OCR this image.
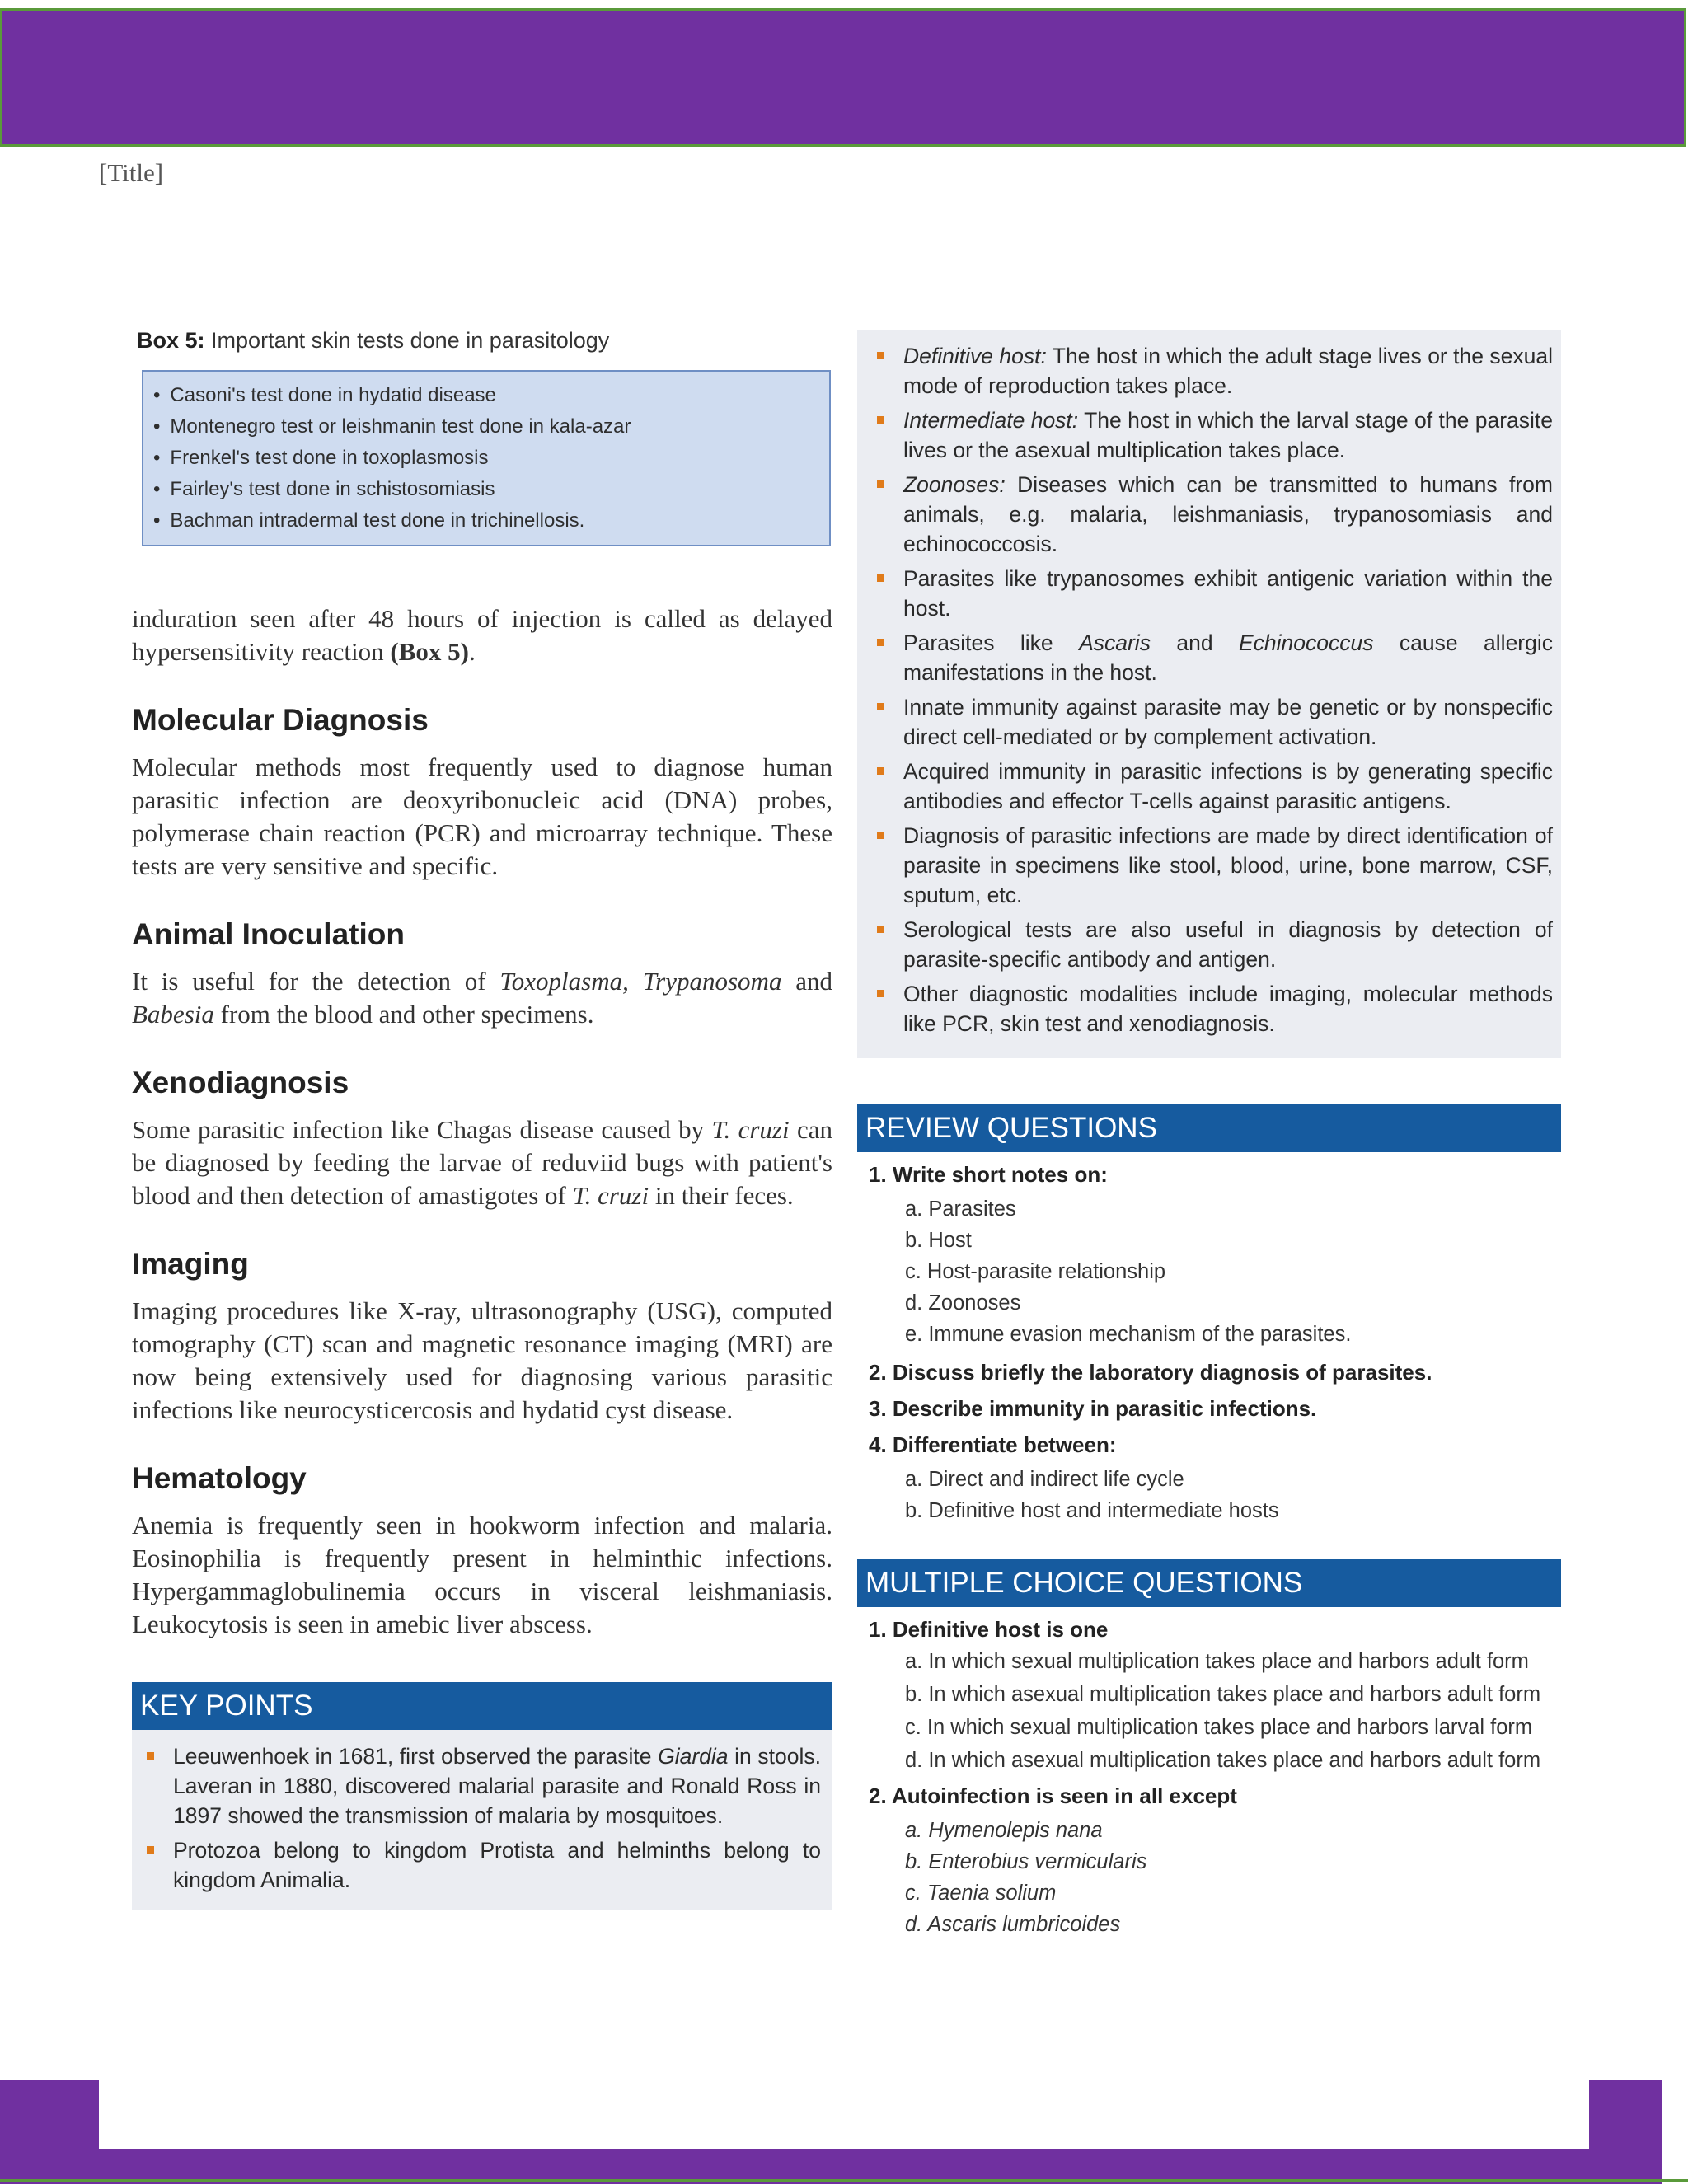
[Title]
Box 5: Important skin tests done in parasitology
• Casoni's test done in hydatid disease
• Montenegro test or leishmanin test done in kala-azar
• Frenkel's test done in toxoplasmosis
• Fairley's test done in schistosomiasis
• Bachman intradermal test done in trichinellosis.

induration seen after 48 hours of injection is called as delayed hypersensitivity reaction (Box 5).

Molecular Diagnosis

Molecular methods most frequently used to diagnose human parasitic infection are deoxyribonucleic acid (DNA) probes, polymerase chain reaction (PCR) and microarray technique. These tests are very sensitive and specific.

Animal Inoculation

It is useful for the detection of Toxoplasma, Trypanosoma and Babesia from the blood and other specimens.

Xenodiagnosis

Some parasitic infection like Chagas disease caused by T. cruzi can be diagnosed by feeding the larvae of reduviid bugs with patient's blood and then detection of amastigotes of T. cruzi in their feces.

Imaging

Imaging procedures like X-ray, ultrasonography (USG), computed tomography (CT) scan and magnetic resonance imaging (MRI) are now being extensively used for diagnosing various parasitic infections like neurocysticercosis and hydatid cyst disease.

Hematology

Anemia is frequently seen in hookworm infection and malaria. Eosinophilia is frequently present in helminthic infections. Hypergammaglobulinemia occurs in visceral leishmaniasis. Leukocytosis is seen in amebic liver abscess.

KEY POINTS
Leeuwenhoek in 1681, first observed the parasite Giardia in stools. Laveran in 1880, discovered malarial parasite and Ronald Ross in 1897 showed the transmission of malaria by mosquitoes.
Protozoa belong to kingdom Protista and helminths belong to kingdom Animalia.
Definitive host: The host in which the adult stage lives or the sexual mode of reproduction takes place.
Intermediate host: The host in which the larval stage of the parasite lives or the asexual multiplication takes place.
Zoonoses: Diseases which can be transmitted to humans from animals, e.g. malaria, leishmaniasis, trypanosomiasis and echinococcosis.
Parasites like trypanosomes exhibit antigenic variation within the host.
Parasites like Ascaris and Echinococcus cause allergic manifestations in the host.
Innate immunity against parasite may be genetic or by nonspecific direct cell-mediated or by complement activation.
Acquired immunity in parasitic infections is by generating specific antibodies and effector T-cells against parasitic antigens.
Diagnosis of parasitic infections are made by direct identification of parasite in specimens like stool, blood, urine, bone marrow, CSF, sputum, etc.
Serological tests are also useful in diagnosis by detection of parasite-specific antibody and antigen.
Other diagnostic modalities include imaging, molecular methods like PCR, skin test and xenodiagnosis.
REVIEW QUESTIONS
1. Write short notes on:
a. Parasites
b. Host
c. Host-parasite relationship
d. Zoonoses
e. Immune evasion mechanism of the parasites.
2. Discuss briefly the laboratory diagnosis of parasites.
3. Describe immunity in parasitic infections.
4. Differentiate between:
a. Direct and indirect life cycle
b. Definitive host and intermediate hosts
MULTIPLE CHOICE QUESTIONS
1. Definitive host is one
a. In which sexual multiplication takes place and harbors adult form
b. In which asexual multiplication takes place and harbors adult form
c. In which sexual multiplication takes place and harbors larval form
d. In which asexual multiplication takes place and harbors adult form
2. Autoinfection is seen in all except
a. Hymenolepis nana
b. Enterobius vermicularis
c. Taenia solium
d. Ascaris lumbricoides
